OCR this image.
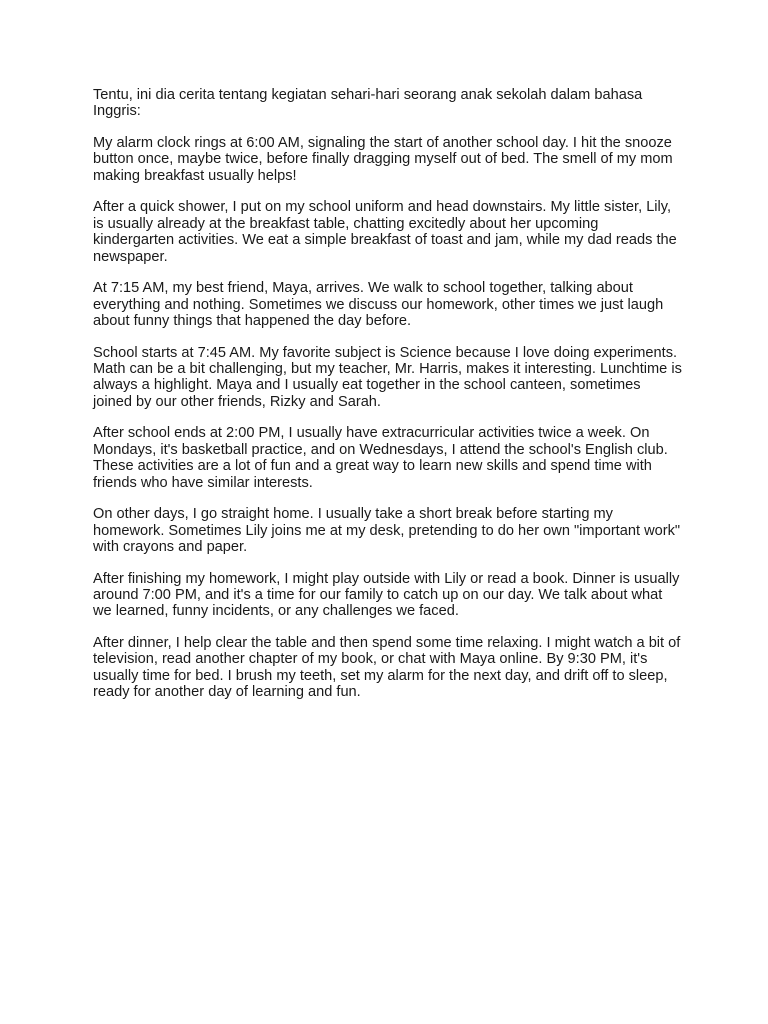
Tentu, ini dia cerita tentang kegiatan sehari-hari seorang anak sekolah dalam bahasa Inggris:

My alarm clock rings at 6:00 AM, signaling the start of another school day. I hit the snooze button once, maybe twice, before finally dragging myself out of bed. The smell of my mom making breakfast usually helps!

After a quick shower, I put on my school uniform and head downstairs. My little sister, Lily, is usually already at the breakfast table, chatting excitedly about her upcoming kindergarten activities. We eat a simple breakfast of toast and jam, while my dad reads the newspaper.

At 7:15 AM, my best friend, Maya, arrives. We walk to school together, talking about everything and nothing. Sometimes we discuss our homework, other times we just laugh about funny things that happened the day before.

School starts at 7:45 AM. My favorite subject is Science because I love doing experiments. Math can be a bit challenging, but my teacher, Mr. Harris, makes it interesting. Lunchtime is always a highlight. Maya and I usually eat together in the school canteen, sometimes joined by our other friends, Rizky and Sarah.

After school ends at 2:00 PM, I usually have extracurricular activities twice a week. On Mondays, it's basketball practice, and on Wednesdays, I attend the school's English club. These activities are a lot of fun and a great way to learn new skills and spend time with friends who have similar interests.

On other days, I go straight home. I usually take a short break before starting my homework. Sometimes Lily joins me at my desk, pretending to do her own "important work" with crayons and paper.

After finishing my homework, I might play outside with Lily or read a book. Dinner is usually around 7:00 PM, and it's a time for our family to catch up on our day. We talk about what we learned, funny incidents, or any challenges we faced.

After dinner, I help clear the table and then spend some time relaxing. I might watch a bit of television, read another chapter of my book, or chat with Maya online. By 9:30 PM, it's usually time for bed. I brush my teeth, set my alarm for the next day, and drift off to sleep, ready for another day of learning and fun.
